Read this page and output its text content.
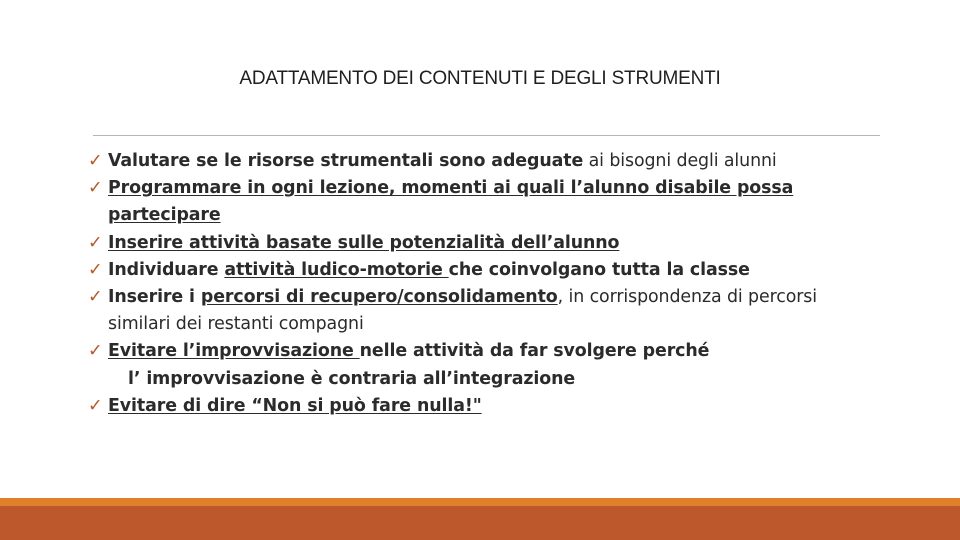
ADATTAMENTO DEI CONTENUTI E DEGLI STRUMENTI

✓ Valutare se le risorse strumentali sono adeguate ai bisogni degli alunni

✓ Programmare in ogni lezione, momenti ai quali l’alunno disabile possa
partecipare

✓ Inserire attività basate sulle potenzialità dell’alunno

✓ Individuare attività ludico-motorie che coinvolgano tutta la classe

✓ Inserire i percorsi di recupero/consolidamento, in corrispondenza di percorsi
similari dei restanti compagni

✓ Evitare l’improvvisazione nelle attività da far svolgere perché
l’ improvvisazione è contraria all’integrazione

✓ Evitare di dire “Non si può fare nulla!"
